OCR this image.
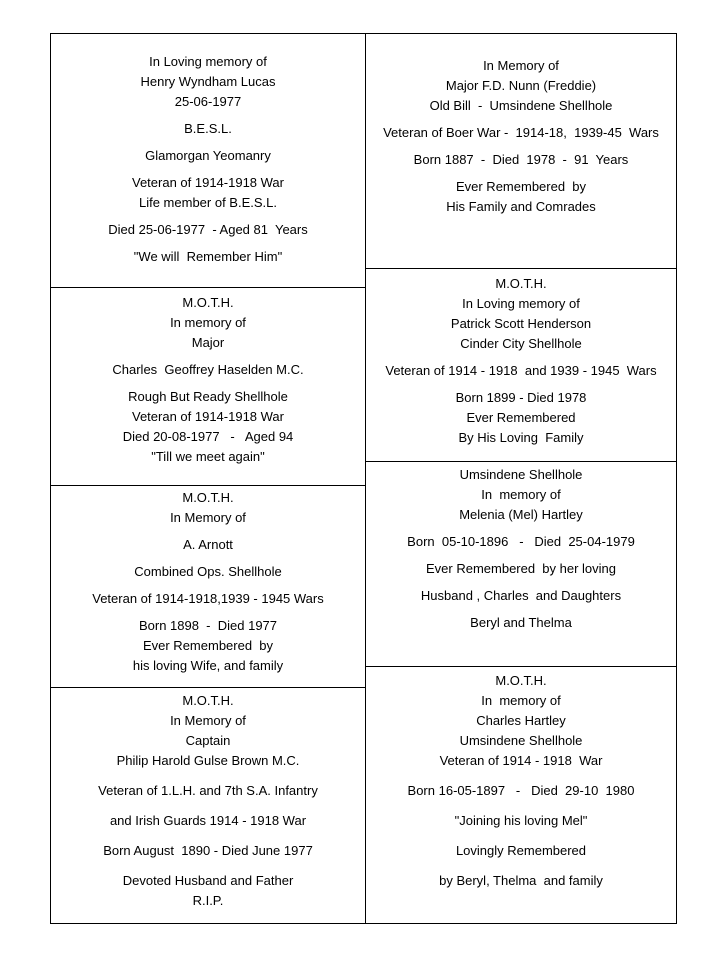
In Loving memory of
Henry Wyndham Lucas
25-06-1977
B.E.S.L.
Glamorgan Yeomanry
Veteran of 1914-1918 War
Life member of B.E.S.L.
Died 25-06-1977  - Aged 81  Years
"We will  Remember Him"
M.O.T.H.
In memory of
Major
Charles  Geoffrey Haselden M.C.
Rough But Ready Shellhole
Veteran of 1914-1918 War
Died 20-08-1977   -   Aged 94
"Till we meet again"
M.O.T.H.
In Memory of
A. Arnott
Combined Ops. Shellhole
Veteran of 1914-1918,1939 - 1945 Wars
Born 1898  -  Died 1977
Ever Remembered  by
his loving Wife, and family
M.O.T.H.
In Memory of
Captain
Philip Harold Gulse Brown M.C.
Veteran of 1.L.H. and 7th S.A. Infantry
and Irish Guards 1914 - 1918 War
Born August  1890 - Died June 1977
Devoted Husband and Father
R.I.P.
In Memory of
Major F.D. Nunn (Freddie)
Old Bill  -  Umsindene Shellhole
Veteran of Boer War -  1914-18,  1939-45  Wars
Born 1887  -  Died  1978  -  91  Years
Ever Remembered  by
His Family and Comrades
M.O.T.H.
In Loving memory of
Patrick Scott Henderson
Cinder City Shellhole
Veteran of 1914 - 1918  and 1939 - 1945  Wars
Born 1899 - Died 1978
Ever Remembered
By His Loving  Family
Umsindene Shellhole
In  memory of
Melenia (Mel) Hartley
Born  05-10-1896   -   Died  25-04-1979
Ever Remembered  by her loving
Husband , Charles  and Daughters
Beryl and Thelma
M.O.T.H.
In  memory of
Charles Hartley
Umsindene Shellhole
Veteran of 1914 - 1918  War
Born 16-05-1897   -   Died  29-10  1980
"Joining his loving Mel"
Lovingly Remembered
by Beryl, Thelma  and family
